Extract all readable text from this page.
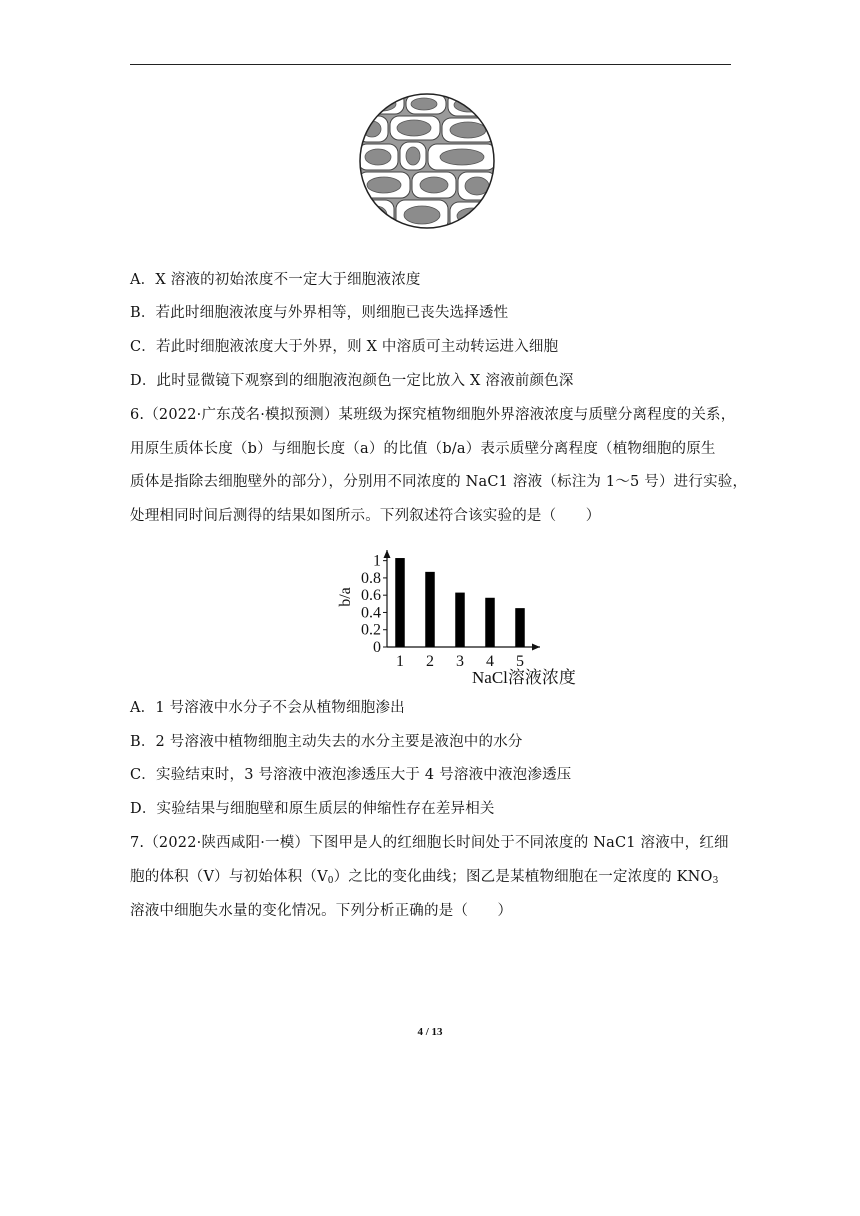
A．X 溶液的初始浓度不一定大于细胞液浓度
B．若此时细胞液浓度与外界相等，则细胞已丧失选择透性
C．若此时细胞液浓度大于外界，则 X 中溶质可主动转运进入细胞
D．此时显微镜下观察到的细胞液泡颜色一定比放入 X 溶液前颜色深
6.（2022·广东茂名·模拟预测）某班级为探究植物细胞外界溶液浓度与质壁分离程度的关系，
用原生质体长度（b）与细胞长度（a）的比值（b/a）表示质壁分离程度（植物细胞的原生
质体是指除去细胞壁外的部分），分别用不同浓度的 NaC1 溶液（标注为 1～5 号）进行实验，
处理相同时间后测得的结果如图所示。下列叙述符合该实验的是（　　）
0
0.2
0.4
0.6
0.8
1
1 2 3 4 5
b/a
NaCl溶液浓度
A．1 号溶液中水分子不会从植物细胞渗出
B．2 号溶液中植物细胞主动失去的水分主要是液泡中的水分
C．实验结束时，3 号溶液中液泡渗透压大于 4 号溶液中液泡渗透压
D．实验结果与细胞壁和原生质层的伸缩性存在差异相关
7.（2022·陕西咸阳·一模）下图甲是人的红细胞长时间处于不同浓度的 NaC1 溶液中，红细
胞的体积（V）与初始体积$(V_0)$之比的变化曲线；图乙是某植物细胞在一定浓度的 $KNO_3$
溶液中细胞失水量的变化情况。下列分析正确的是（　　）
4 / 13
